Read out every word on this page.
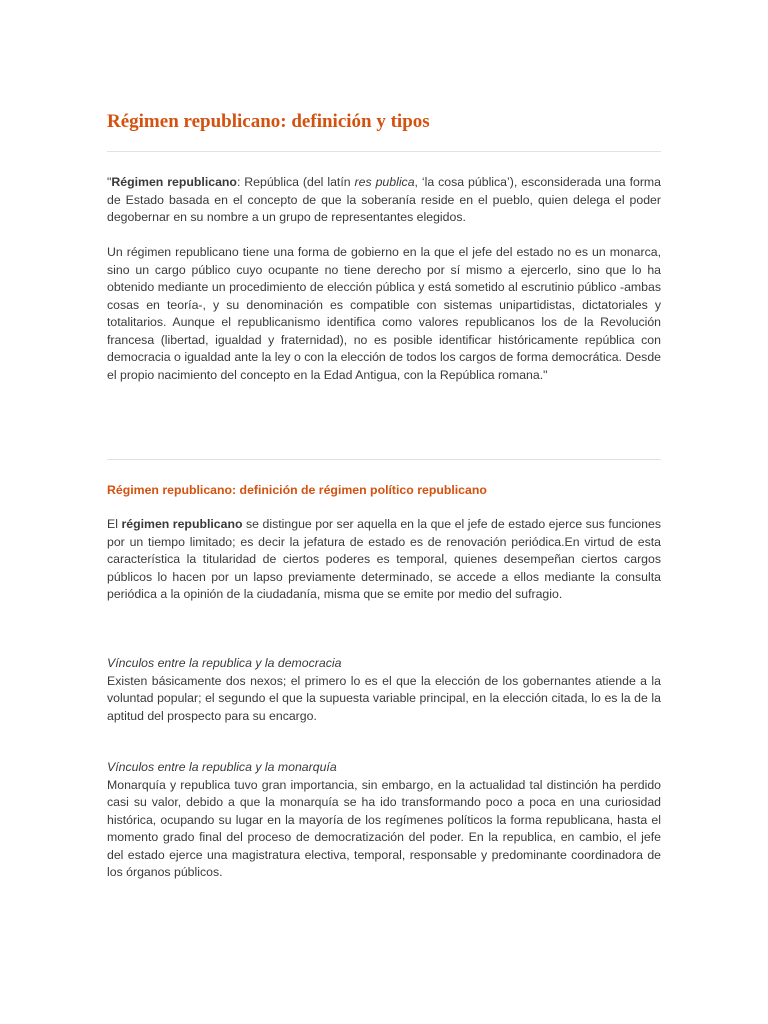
Régimen republicano: definición y tipos

"Régimen republicano: República (del latín res publica, ‘la cosa pública’), esconsiderada una forma de Estado basada en el concepto de que la soberanía reside en el pueblo, quien delega el poder degobernar en su nombre a un grupo de representantes elegidos.

Un régimen republicano tiene una forma de gobierno en la que el jefe del estado no es un monarca, sino un cargo público cuyo ocupante no tiene derecho por sí mismo a ejercerlo, sino que lo ha obtenido mediante un procedimiento de elección pública y está sometido al escrutinio público -ambas cosas en teoría-, y su denominación es compatible con sistemas unipartidistas, dictatoriales y totalitarios. Aunque el republicanismo identifica como valores republicanos los de la Revolución francesa (libertad, igualdad y fraternidad), no es posible identificar históricamente república con democracia o igualdad ante la ley o con la elección de todos los cargos de forma democrática. Desde el propio nacimiento del concepto en la Edad Antigua, con la República romana."

Régimen republicano: definición de régimen político republicano

El régimen republicano se distingue por ser aquella en la que el jefe de estado ejerce sus funciones por un tiempo limitado; es decir la jefatura de estado es de renovación periódica.En virtud de esta característica la titularidad de ciertos poderes es temporal, quienes desempeñan ciertos cargos públicos lo hacen por un lapso previamente determinado, se accede a ellos mediante la consulta periódica a la opinión de la ciudadanía, misma que se emite por medio del sufragio.

Vínculos entre la republica y la democracia
Existen básicamente dos nexos; el primero lo es el que la elección de los gobernantes atiende a la voluntad popular; el segundo el que la supuesta variable principal, en la elección citada, lo es la de la aptitud del prospecto para su encargo.

Vínculos entre la republica y la monarquía
Monarquía y republica tuvo gran importancia, sin embargo, en la actualidad tal distinción ha perdido casi su valor, debido a que la monarquía se ha ido transformando poco a poca en una curiosidad histórica, ocupando su lugar en la mayoría de los regímenes políticos la forma republicana, hasta el momento grado final del proceso de democratización del poder. En la republica, en cambio, el jefe del estado ejerce una magistratura electiva, temporal, responsable y predominante coordinadora de los órganos públicos.
